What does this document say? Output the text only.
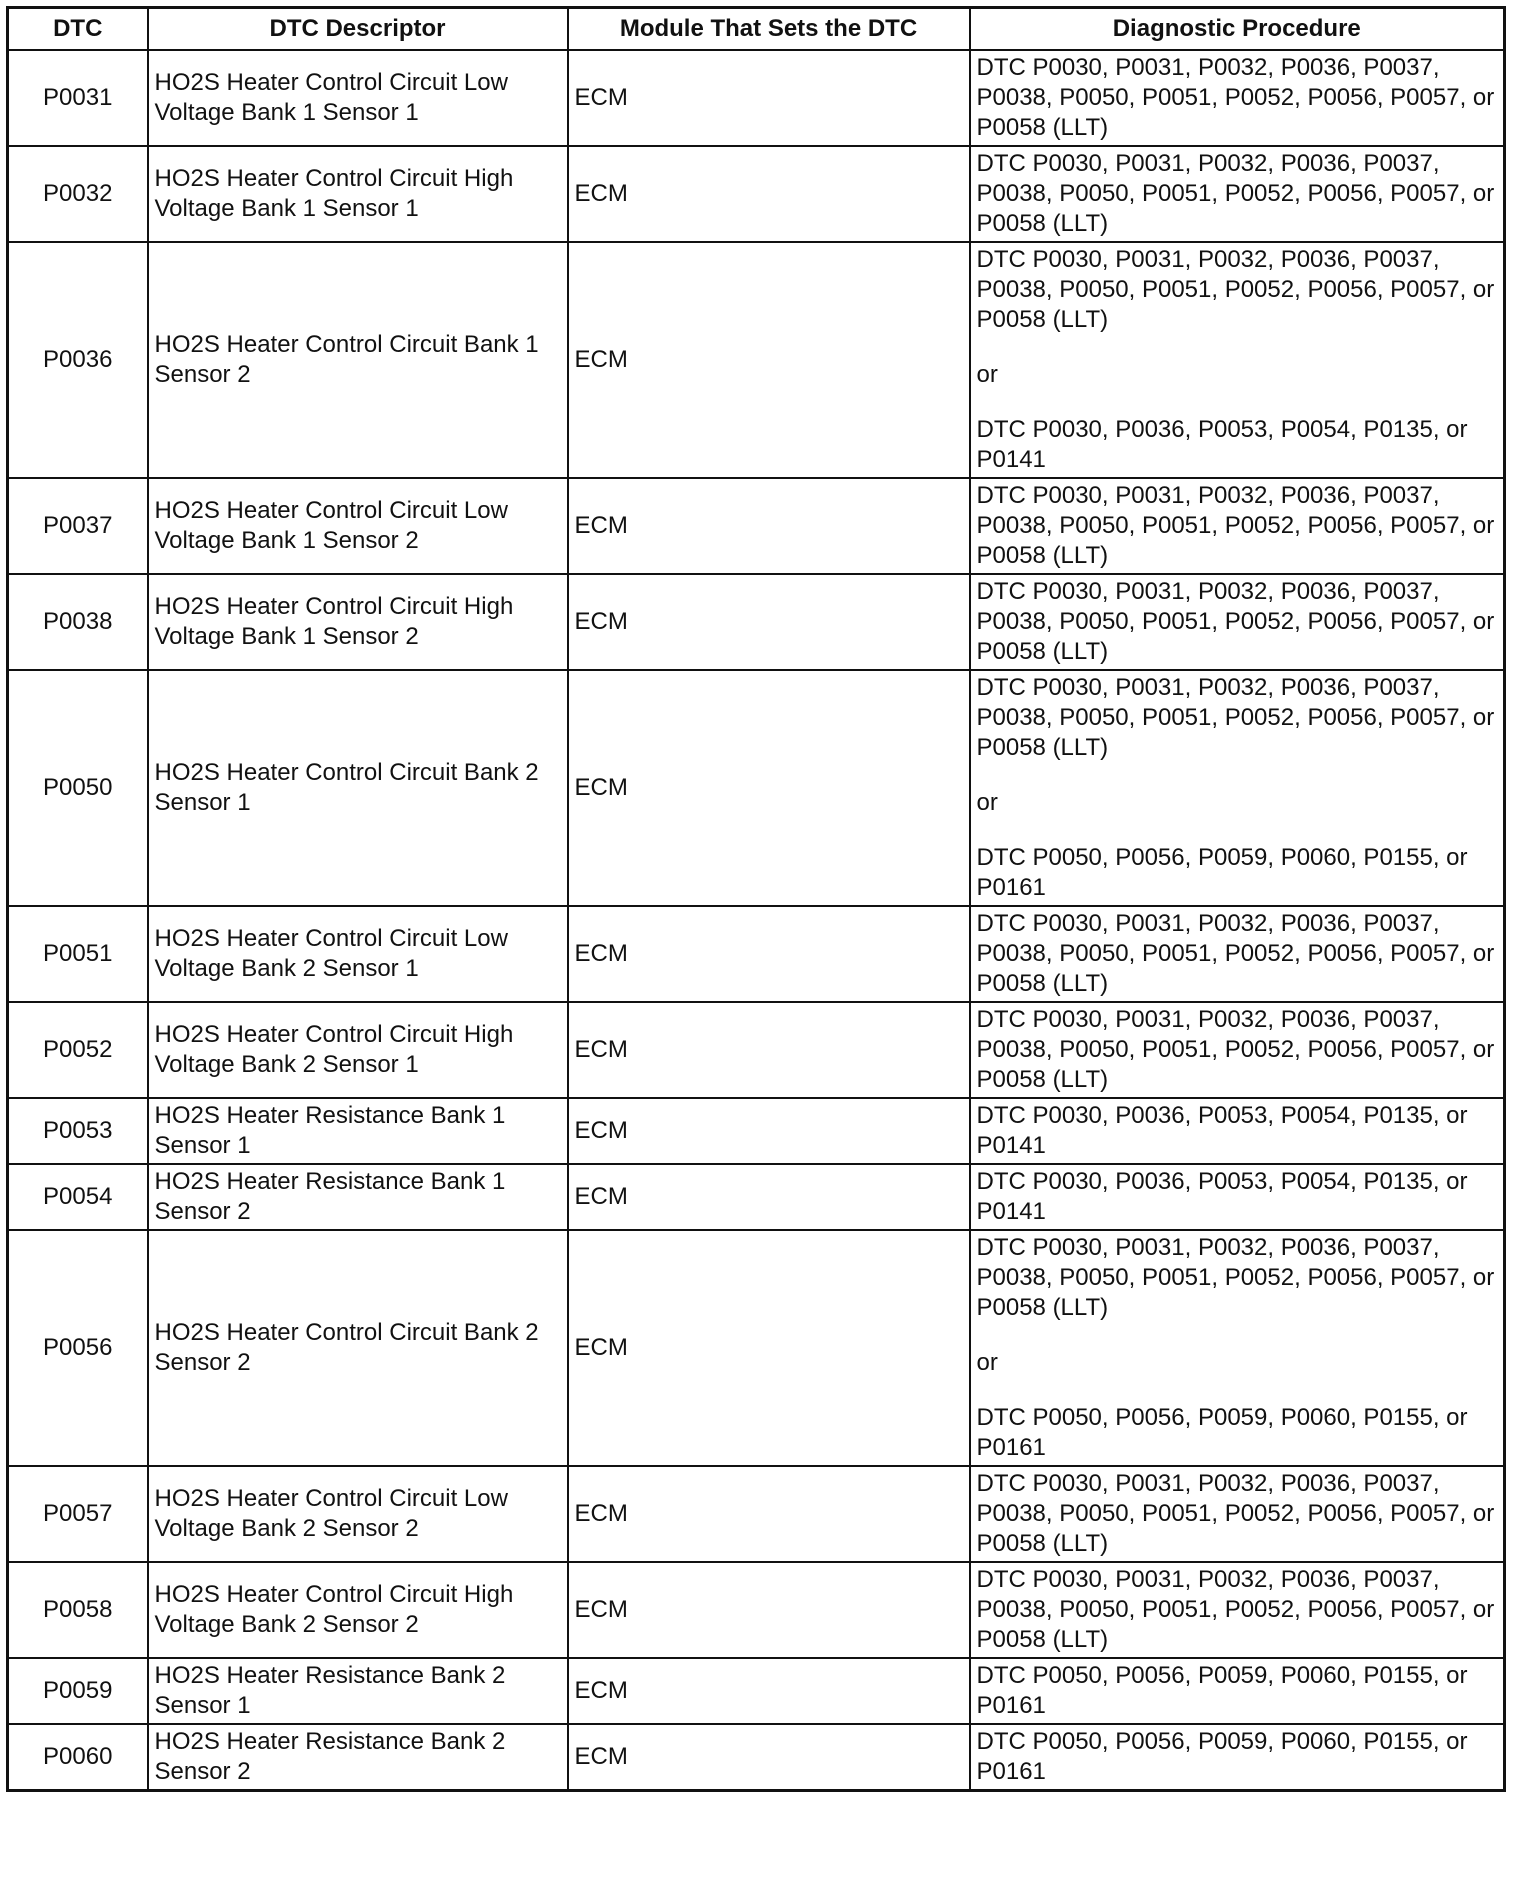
DTC	DTC Descriptor	Module That Sets the DTC	Diagnostic Procedure
P0031	HO2S Heater Control Circuit Low Voltage Bank 1 Sensor 1	ECM	DTC P0030, P0031, P0032, P0036, P0037, P0038, P0050, P0051, P0052, P0056, P0057, or P0058 (LLT)

P0032	HO2S Heater Control Circuit High Voltage Bank 1 Sensor 1	ECM	DTC P0030, P0031, P0032, P0036, P0037, P0038, P0050, P0051, P0052, P0056, P0057, or P0058 (LLT)

P0036	HO2S Heater Control Circuit Bank 1 Sensor 2	ECM	DTC P0030, P0031, P0032, P0036, P0037, P0038, P0050, P0051, P0052, P0056, P0057, or P0058 (LLT)
or
DTC P0030, P0036, P0053, P0054, P0135, or P0141

P0037	HO2S Heater Control Circuit Low Voltage Bank 1 Sensor 2	ECM	DTC P0030, P0031, P0032, P0036, P0037, P0038, P0050, P0051, P0052, P0056, P0057, or P0058 (LLT)

P0038	HO2S Heater Control Circuit High Voltage Bank 1 Sensor 2	ECM	DTC P0030, P0031, P0032, P0036, P0037, P0038, P0050, P0051, P0052, P0056, P0057, or P0058 (LLT)

P0050	HO2S Heater Control Circuit Bank 2 Sensor 1	ECM	DTC P0030, P0031, P0032, P0036, P0037, P0038, P0050, P0051, P0052, P0056, P0057, or P0058 (LLT)
or
DTC P0050, P0056, P0059, P0060, P0155, or P0161

P0051	HO2S Heater Control Circuit Low Voltage Bank 2 Sensor 1	ECM	DTC P0030, P0031, P0032, P0036, P0037, P0038, P0050, P0051, P0052, P0056, P0057, or P0058 (LLT)

P0052	HO2S Heater Control Circuit High Voltage Bank 2 Sensor 1	ECM	DTC P0030, P0031, P0032, P0036, P0037, P0038, P0050, P0051, P0052, P0056, P0057, or P0058 (LLT)

P0053	HO2S Heater Resistance Bank 1 Sensor 1	ECM	DTC P0030, P0036, P0053, P0054, P0135, or P0141

P0054	HO2S Heater Resistance Bank 1 Sensor 2	ECM	DTC P0030, P0036, P0053, P0054, P0135, or P0141

P0056	HO2S Heater Control Circuit Bank 2 Sensor 2	ECM	DTC P0030, P0031, P0032, P0036, P0037, P0038, P0050, P0051, P0052, P0056, P0057, or P0058 (LLT)
or
DTC P0050, P0056, P0059, P0060, P0155, or P0161

P0057	HO2S Heater Control Circuit Low Voltage Bank 2 Sensor 2	ECM	DTC P0030, P0031, P0032, P0036, P0037, P0038, P0050, P0051, P0052, P0056, P0057, or P0058 (LLT)

P0058	HO2S Heater Control Circuit High Voltage Bank 2 Sensor 2	ECM	DTC P0030, P0031, P0032, P0036, P0037, P0038, P0050, P0051, P0052, P0056, P0057, or P0058 (LLT)

P0059	HO2S Heater Resistance Bank 2 Sensor 1	ECM	DTC P0050, P0056, P0059, P0060, P0155, or P0161

P0060	HO2S Heater Resistance Bank 2 Sensor 2	ECM	DTC P0050, P0056, P0059, P0060, P0155, or P0161
